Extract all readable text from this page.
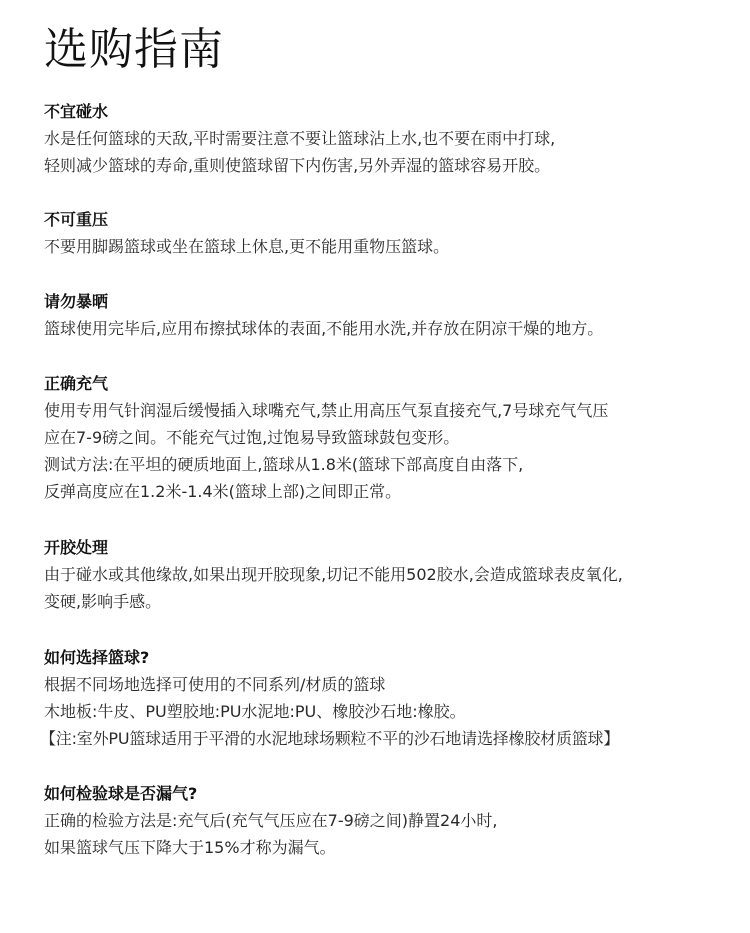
选购指南
不宜碰水

水是任何篮球的天敌,平时需要注意不要让篮球沾上水,也不要在雨中打球,

轻则减少篮球的寿命,重则使篮球留下内伤害,另外弄湿的篮球容易开胶。

不可重压

不要用脚踢篮球或坐在篮球上休息,更不能用重物压篮球。

请勿暴晒

篮球使用完毕后,应用布擦拭球体的表面,不能用水洗,并存放在阴凉干燥的地方。

正确充气

使用专用气针润湿后缓慢插入球嘴充气,禁止用高压气泵直接充气,7号球充气气压

应在7-9磅之间。不能充气过饱,过饱易导致篮球鼓包变形。

测试方法:在平坦的硬质地面上,篮球从1.8米(篮球下部高度自由落下,

反弹高度应在1.2米-1.4米(篮球上部)之间即正常。

开胶处理

由于碰水或其他缘故,如果出现开胶现象,切记不能用502胶水,会造成篮球表皮氧化,

变硬,影响手感。

如何选择篮球?

根据不同场地选择可使用的不同系列/材质的篮球

木地板:牛皮、PU塑胶地:PU水泥地:PU、橡胶沙石地:橡胶。

【注:室外PU篮球适用于平滑的水泥地球场颗粒不平的沙石地请选择橡胶材质篮球】

如何检验球是否漏气?

正确的检验方法是:充气后(充气气压应在7-9磅之间)静置24小时,

如果篮球气压下降大于15%才称为漏气。
